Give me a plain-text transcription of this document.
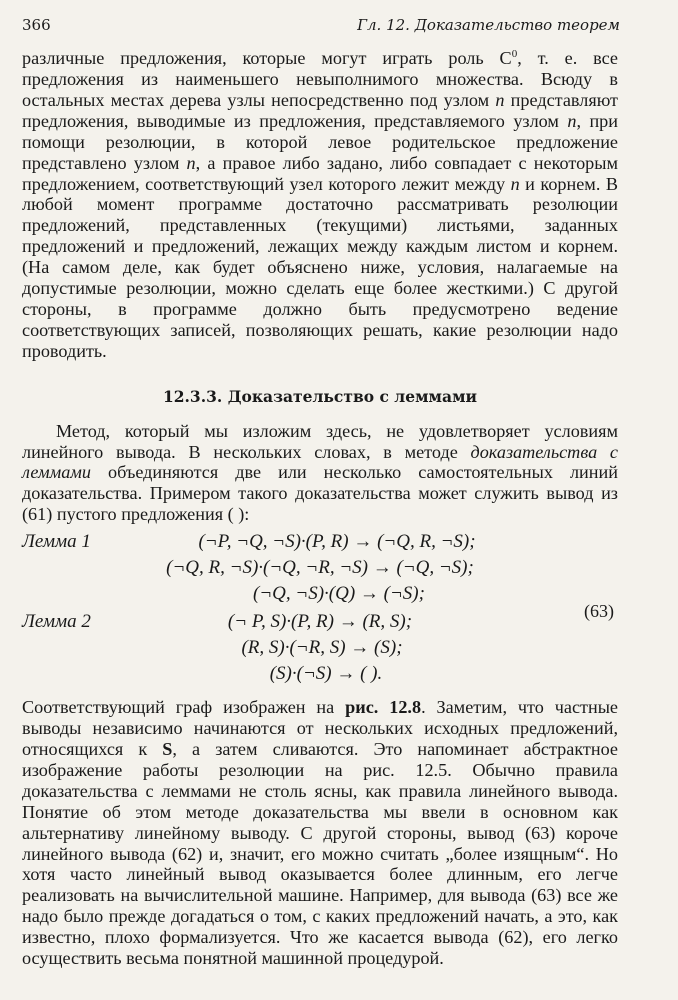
366	Гл. 12. Доказательство теорем

различные предложения, которые могут играть роль $C^0$, т. е. все предложения из наименьшего невыполнимого множества. Всюду в остальных местах дерева узлы непосредственно под узлом n представляют предложения, выводимые из предложения, представляемого узлом n, при помощи резолюции, в которой левое родительское предложение представлено узлом n, а правое либо задано, либо совпадает с некоторым предложением, соответствующий узел которого лежит между n и корнем. В любой момент программе достаточно рассматривать резолюции предложений, представленных (текущими) листьями, заданных предложений и предложений, лежащих между каждым листом и корнем. (На самом деле, как будет объяснено ниже, условия, налагаемые на допустимые резолюции, можно сделать еще более жесткими.) С другой стороны, в программе должно быть предусмотрено ведение соответствующих записей, позволяющих решать, какие резолюции надо проводить.

12.3.3. Доказательство с леммами

Метод, который мы изложим здесь, не удовлетворяет условиям линейного вывода. В нескольких словах, в методе доказательства с леммами объединяются две или несколько самостоятельных линий доказательства. Примером такого доказательства может служить вывод из (61) пустого предложения ( ):

Лемма 1	(¬P, ¬Q, ¬S)·(P, R) → (¬Q, R, ¬S);
(¬Q, R, ¬S)·(¬Q, ¬R, ¬S) → (¬Q, ¬S);
(¬Q, ¬S)·(Q) → (¬S);
Лемма 2	(¬ P, S)·(P, R) → (R, S);
(R, S)·(¬R, S) → (S);
(S)·(¬S) → ( ).
(63)

Соответствующий граф изображен на рис. 12.8. Заметим, что частные выводы независимо начинаются от нескольких исходных предложений, относящихся к S, а затем сливаются. Это напоминает абстрактное изображение работы резолюции на рис. 12.5. Обычно правила доказательства с леммами не столь ясны, как правила линейного вывода. Понятие об этом методе доказательства мы ввели в основном как альтернативу линейному выводу. С другой стороны, вывод (63) короче линейного вывода (62) и, значит, его можно считать „более изящным“. Но хотя часто линейный вывод оказывается более длинным, его легче реализовать на вычислительной машине. Например, для вывода (63) все же надо было прежде догадаться о том, с каких предложений начать, а это, как известно, плохо формализуется. Что же касается вывода (62), его легко осуществить весьма понятной машинной процедурой.
